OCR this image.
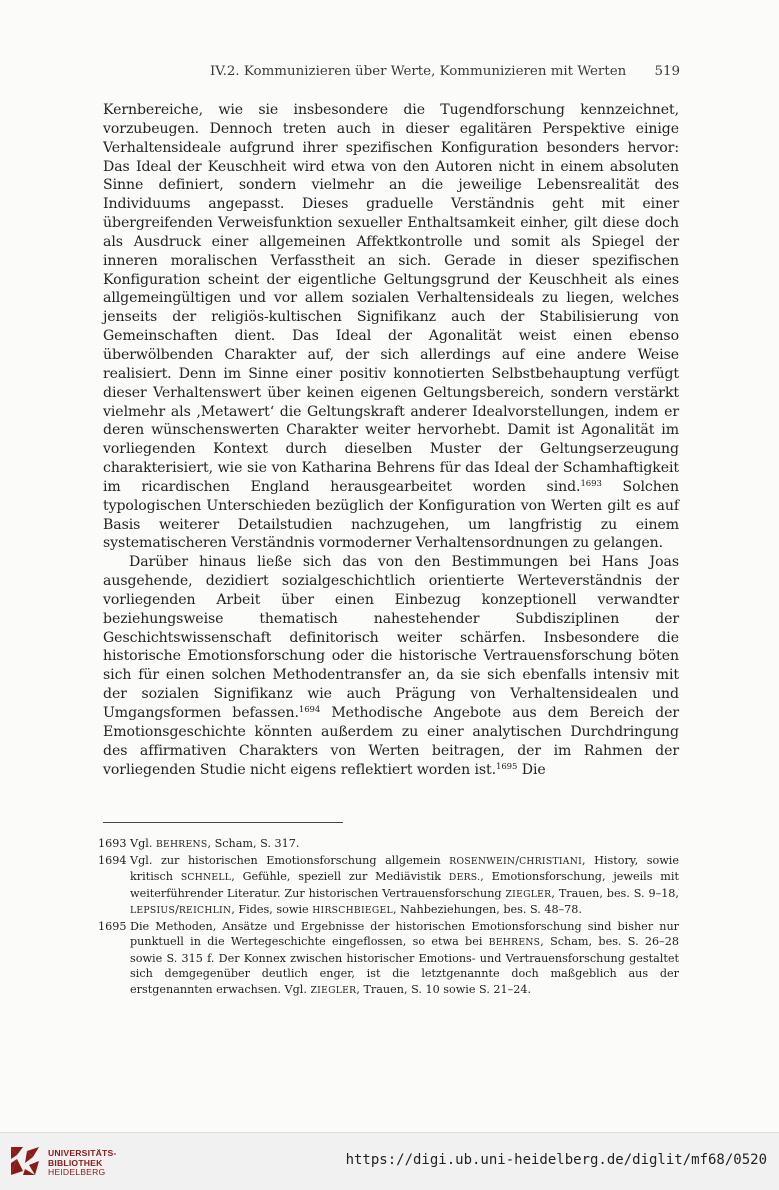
IV.2. Kommunizieren über Werte, Kommunizieren mit Werten 519

Kernbereiche, wie sie insbesondere die Tugendforschung kennzeichnet, vorzubeugen. Dennoch treten auch in dieser egalitären Perspektive einige Verhaltensideale aufgrund ihrer spezifischen Konfiguration besonders hervor: Das Ideal der Keuschheit wird etwa von den Autoren nicht in einem absoluten Sinne definiert, sondern vielmehr an die jeweilige Lebensrealität des Individuums angepasst. Dieses graduelle Verständnis geht mit einer übergreifenden Verweisfunktion sexueller Enthaltsamkeit einher, gilt diese doch als Ausdruck einer allgemeinen Affektkontrolle und somit als Spiegel der inneren moralischen Verfasstheit an sich. Gerade in dieser spezifischen Konfiguration scheint der eigentliche Geltungsgrund der Keuschheit als eines allgemeingültigen und vor allem sozialen Verhaltensideals zu liegen, welches jenseits der religiös-kultischen Signifikanz auch der Stabilisierung von Gemeinschaften dient. Das Ideal der Agonalität weist einen ebenso überwölbenden Charakter auf, der sich allerdings auf eine andere Weise realisiert. Denn im Sinne einer positiv konnotierten Selbstbehauptung verfügt dieser Verhaltenswert über keinen eigenen Geltungsbereich, sondern verstärkt vielmehr als ‚Metawert‘ die Geltungskraft anderer Idealvorstellungen, indem er deren wünschenswerten Charakter weiter hervorhebt. Damit ist Agonalität im vorliegenden Kontext durch dieselben Muster der Geltungserzeugung charakterisiert, wie sie von Katharina Behrens für das Ideal der Schamhaftigkeit im ricardischen England herausgearbeitet worden sind.$^{1693}$ Solchen typologischen Unterschieden bezüglich der Konfiguration von Werten gilt es auf Basis weiterer Detailstudien nachzugehen, um langfristig zu einem systematischeren Verständnis vormoderner Verhaltensordnungen zu gelangen.

Darüber hinaus ließe sich das von den Bestimmungen bei Hans Joas ausgehende, dezidiert sozialgeschichtlich orientierte Werteverständnis der vorliegenden Arbeit über einen Einbezug konzeptionell verwandter beziehungsweise thematisch nahestehender Subdisziplinen der Geschichtswissenschaft definitorisch weiter schärfen. Insbesondere die historische Emotionsforschung oder die historische Vertrauensforschung böten sich für einen solchen Methodentransfer an, da sie sich ebenfalls intensiv mit der sozialen Signifikanz wie auch Prägung von Verhaltensidealen und Umgangsformen befassen.$^{1694}$ Methodische Angebote aus dem Bereich der Emotionsgeschichte könnten außerdem zu einer analytischen Durchdringung des affirmativen Charakters von Werten beitragen, der im Rahmen der vorliegenden Studie nicht eigens reflektiert worden ist.$^{1695}$ Die

1693 Vgl. BEHRENS, Scham, S. 317.
1694 Vgl. zur historischen Emotionsforschung allgemein ROSENWEIN/CHRISTIANI, History, sowie kritisch SCHNELL, Gefühle, speziell zur Mediävistik DERS., Emotionsforschung, jeweils mit weiterführender Literatur. Zur historischen Vertrauensforschung ZIEGLER, Trauen, bes. S. 9–18, LEPSIUS/REICHLIN, Fides, sowie HIRSCHBIEGEL, Nahbeziehungen, bes. S. 48–78.
1695 Die Methoden, Ansätze und Ergebnisse der historischen Emotionsforschung sind bisher nur punktuell in die Wertegeschichte eingeflossen, so etwa bei BEHRENS, Scham, bes. S. 26–28 sowie S. 315 f. Der Konnex zwischen historischer Emotions- und Vertrauensforschung gestaltet sich demgegenüber deutlich enger, ist die letztgenannte doch maßgeblich aus der erstgenannten erwachsen. Vgl. ZIEGLER, Trauen, S. 10 sowie S. 21–24.
UNIVERSITÄTS-
BIBLIOTHEK
HEIDELBERG
https://digi.ub.uni-heidelberg.de/diglit/mf68/0520
